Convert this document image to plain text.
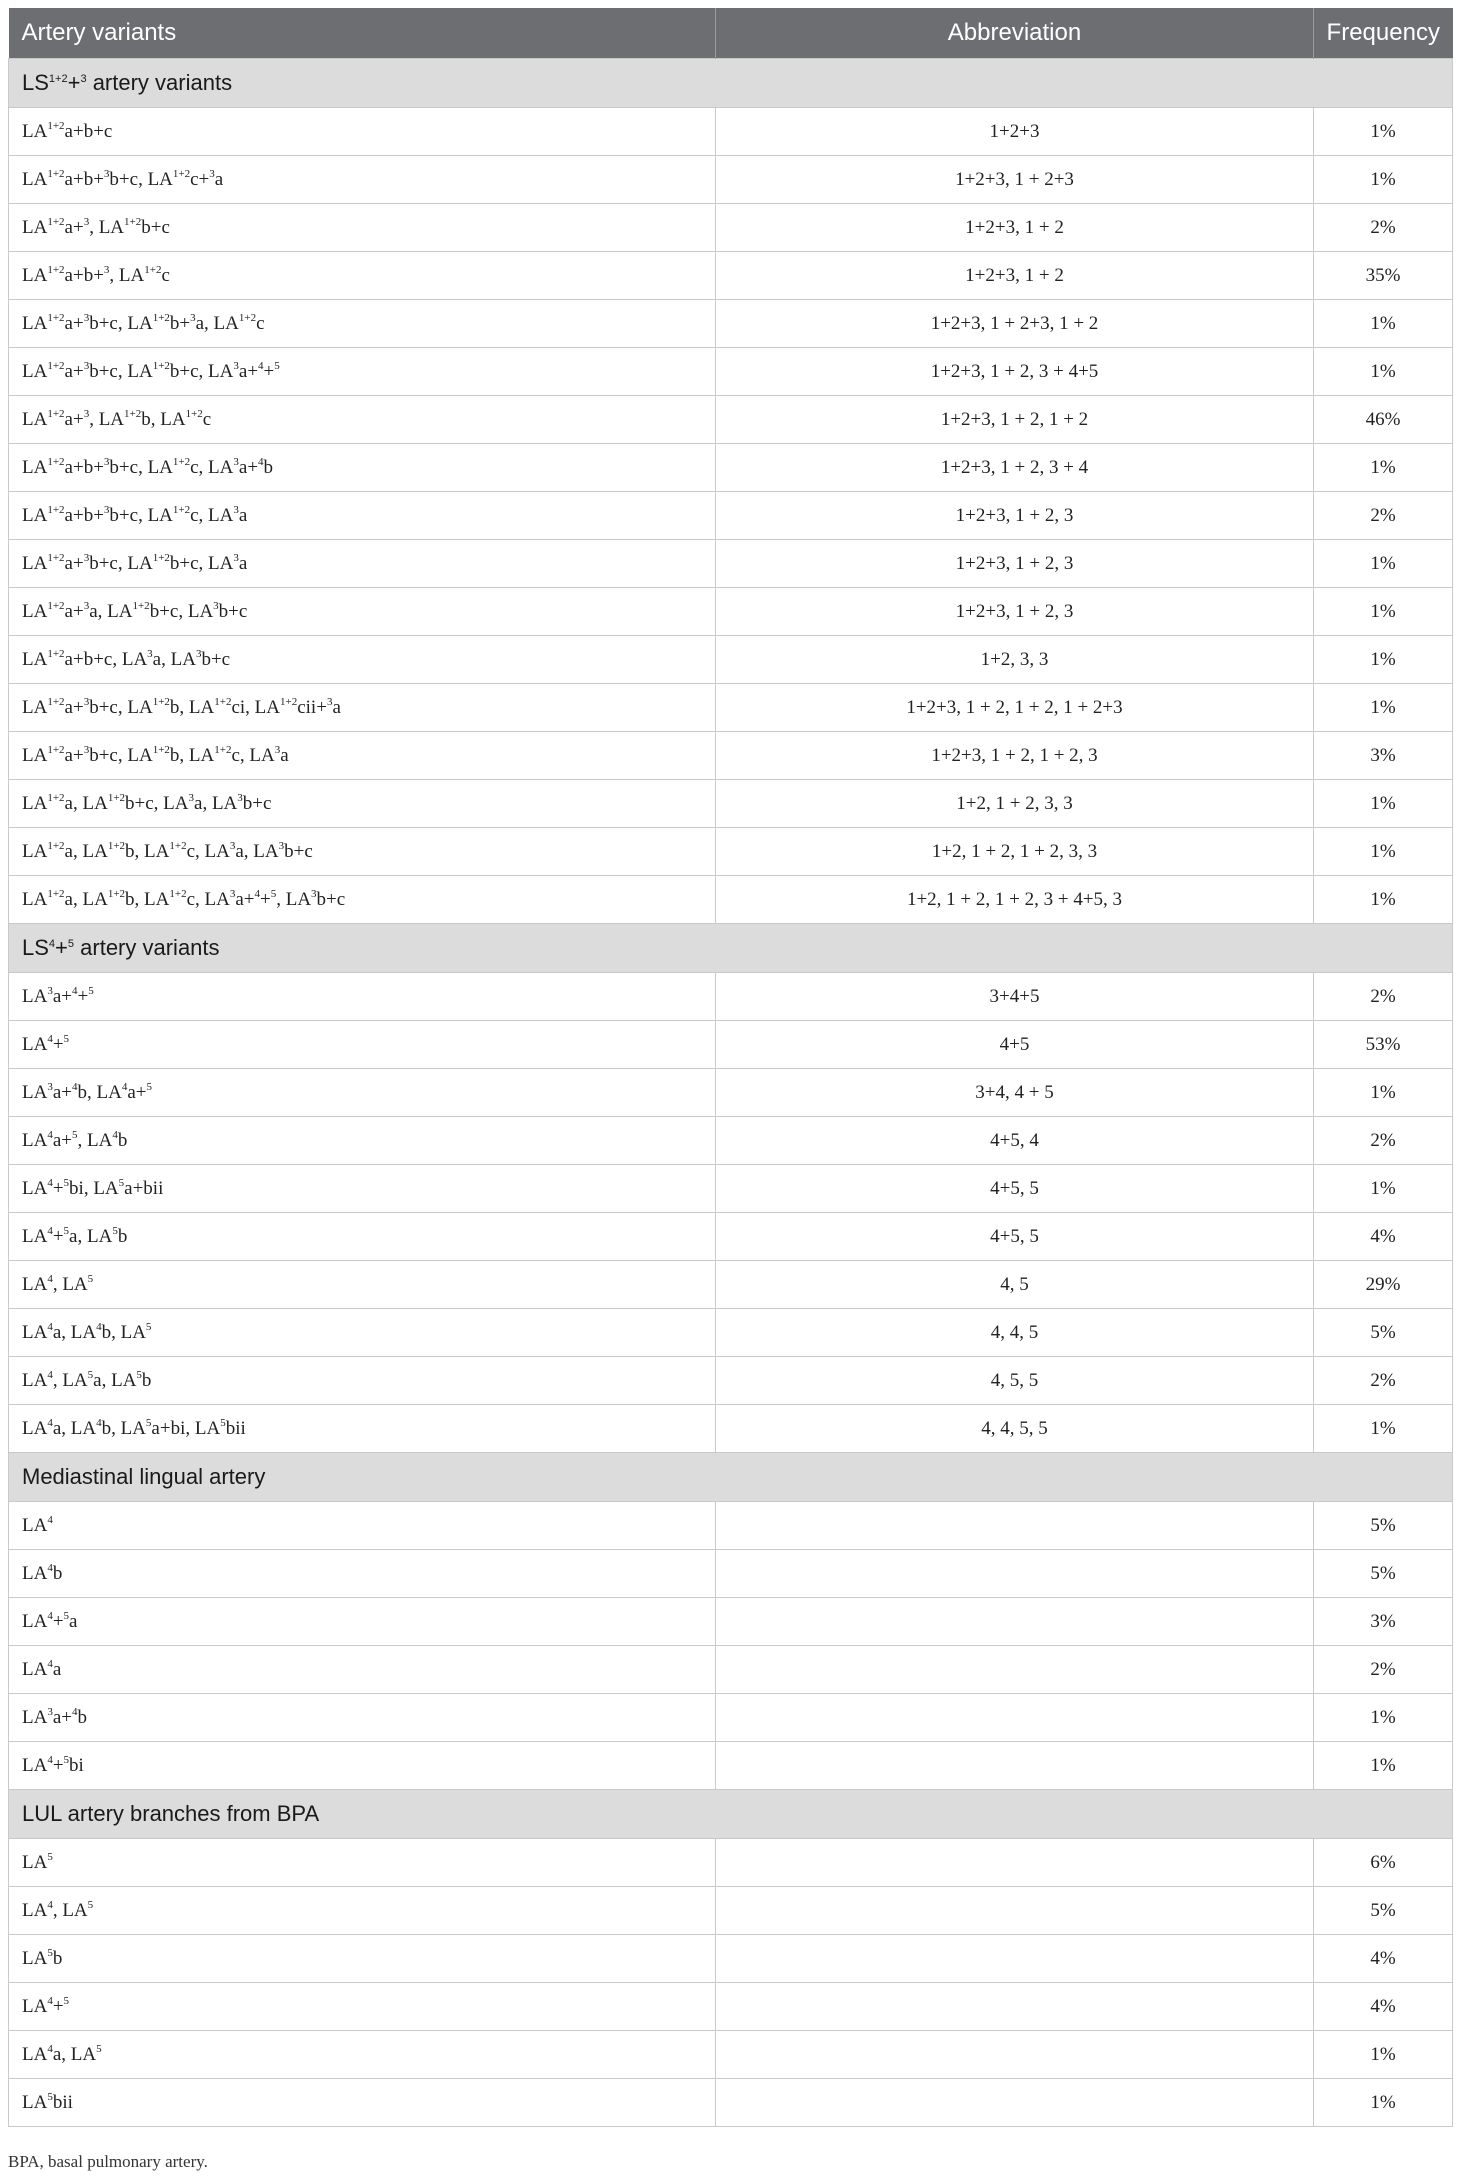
Artery variants	Abbreviation	Frequency
$LS^{1+2}+^3$ artery variants		
$LA^{1+2}a+b+c$	1+2+3	1%
$LA^{1+2}a+b+^3b+c$, $LA^{1+2}c+^3a$	1+2+3, 1 + 2+3	1%
$LA^{1+2}a+^3$, $LA^{1+2}b+c$	1+2+3, 1 + 2	2%
$LA^{1+2}a+b+^3$, $LA^{1+2}c$	1+2+3, 1 + 2	35%
$LA^{1+2}a+^3b+c$, $LA^{1+2}b+^3a$, $LA^{1+2}c$	1+2+3, 1 + 2+3, 1 + 2	1%
$LA^{1+2}a+^3b+c$, $LA^{1+2}b+c$, $LA^3a+^4+^5$	1+2+3, 1 + 2, 3 + 4+5	1%
$LA^{1+2}a+^3$, $LA^{1+2}b$, $LA^{1+2}c$	1+2+3, 1 + 2, 1 + 2	46%
$LA^{1+2}a+b+^3b+c$, $LA^{1+2}c$, $LA^3a+^4b$	1+2+3, 1 + 2, 3 + 4	1%
$LA^{1+2}a+b+^3b+c$, $LA^{1+2}c$, $LA^3a$	1+2+3, 1 + 2, 3	2%
$LA^{1+2}a+^3b+c$, $LA^{1+2}b+c$, $LA^3a$	1+2+3, 1 + 2, 3	1%
$LA^{1+2}a+^3a$, $LA^{1+2}b+c$, $LA^3b+c$	1+2+3, 1 + 2, 3	1%
$LA^{1+2}a+b+c$, $LA^3a$, $LA^3b+c$	1+2, 3, 3	1%
$LA^{1+2}a+^3b+c$, $LA^{1+2}b$, $LA^{1+2}ci$, $LA^{1+2}cii+^3a$	1+2+3, 1 + 2, 1 + 2, 1 + 2+3	1%
$LA^{1+2}a+^3b+c$, $LA^{1+2}b$, $LA^{1+2}c$, $LA^3a$	1+2+3, 1 + 2, 1 + 2, 3	3%
$LA^{1+2}a$, $LA^{1+2}b+c$, $LA^3a$, $LA^3b+c$	1+2, 1 + 2, 3, 3	1%
$LA^{1+2}a$, $LA^{1+2}b$, $LA^{1+2}c$, $LA^3a$, $LA^3b+c$	1+2, 1 + 2, 1 + 2, 3, 3	1%
$LA^{1+2}a$, $LA^{1+2}b$, $LA^{1+2}c$, $LA^3a+^4+^5$, $LA^3b+c$	1+2, 1 + 2, 1 + 2, 3 + 4+5, 3	1%
$LS^4+^5$ artery variants		
$LA^3a+^4+^5$	3+4+5	2%
$LA^4+^5$	4+5	53%
$LA^3a+^4b$, $LA^4a+^5$	3+4, 4 + 5	1%
$LA^4a+^5$, $LA^4b$	4+5, 4	2%
$LA^4+^5bi$, $LA^5a+bii$	4+5, 5	1%
$LA^4+^5a$, $LA^5b$	4+5, 5	4%
$LA^4$, $LA^5$	4, 5	29%
$LA^4a$, $LA^4b$, $LA^5$	4, 4, 5	5%
$LA^4$, $LA^5a$, $LA^5b$	4, 5, 5	2%
$LA^4a$, $LA^4b$, $LA^5a+bi$, $LA^5bii$	4, 4, 5, 5	1%
Mediastinal lingual artery		
$LA^4$		5%
$LA^4b$		5%
$LA^4+^5a$		3%
$LA^4a$		2%
$LA^3a+^4b$		1%
$LA^4+^5bi$		1%
LUL artery branches from BPA		
$LA^5$		6%
$LA^4$, $LA^5$		5%
$LA^5b$		4%
$LA^4+^5$		4%
$LA^4a$, $LA^5$		1%
$LA^5bii$		1%
BPA, basal pulmonary artery.
